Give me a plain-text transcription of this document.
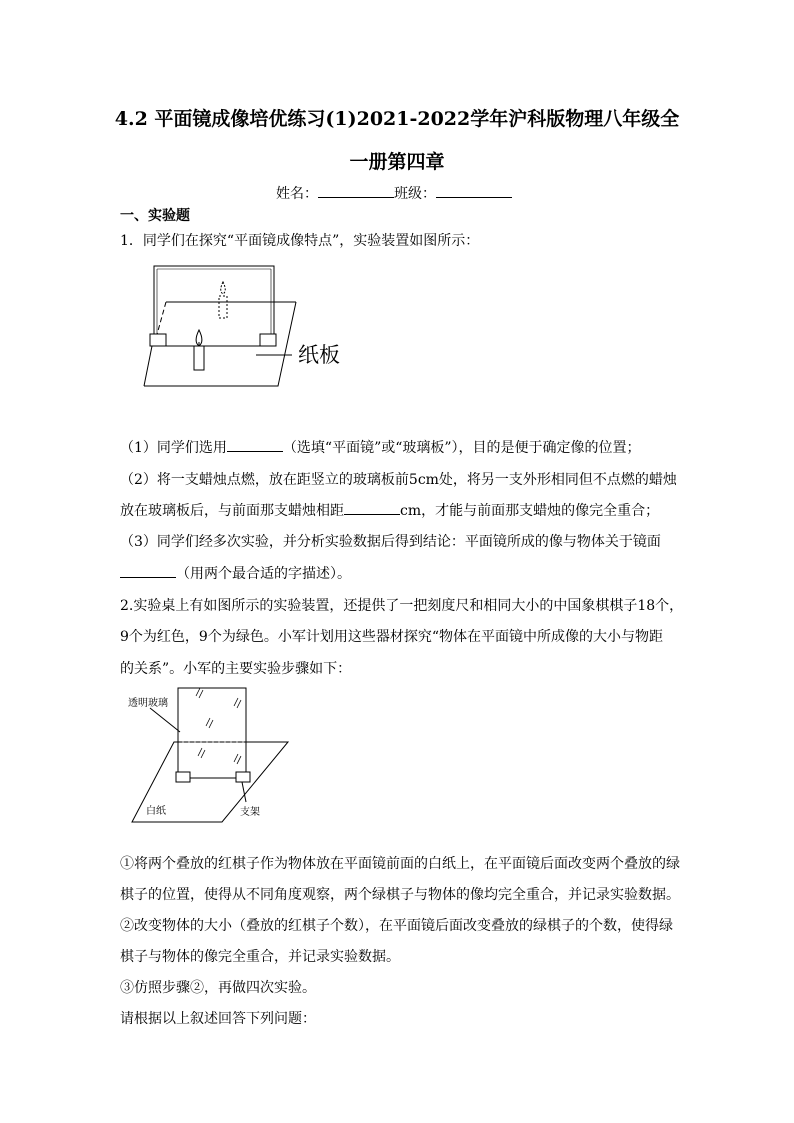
4.2 平面镜成像培优练习(1)2021-2022学年沪科版物理八年级全
一册第四章
姓名：	班级：
一、实验题
1．同学们在探究“平面镜成像特点”，实验装置如图所示：
纸板
（1）同学们选用	（选填“平面镜”或“玻璃板”），目的是便于确定像的位置；
（2）将一支蜡烛点燃，放在距竖立的玻璃板前5cm处，将另一支外形相同但不点燃的蜡烛
放在玻璃板后，与前面那支蜡烛相距	cm，才能与前面那支蜡烛的像完全重合；
（3）同学们经多次实验，并分析实验数据后得到结论：平面镜所成的像与物体关于镜面
（用两个最合适的字描述）。
2.实验桌上有如图所示的实验装置，还提供了一把刻度尺和相同大小的中国象棋棋子18个，
9个为红色，9个为绿色。小军计划用这些器材探究“物体在平面镜中所成像的大小与物距
的关系”。小军的主要实验步骤如下：
透明玻璃
白纸	支架
①将两个叠放的红棋子作为物体放在平面镜前面的白纸上，在平面镜后面改变两个叠放的绿
棋子的位置，使得从不同角度观察，两个绿棋子与物体的像均完全重合，并记录实验数据。
②改变物体的大小（叠放的红棋子个数），在平面镜后面改变叠放的绿棋子的个数，使得绿
棋子与物体的像完全重合，并记录实验数据。
③仿照步骤②，再做四次实验。
请根据以上叙述回答下列问题：
